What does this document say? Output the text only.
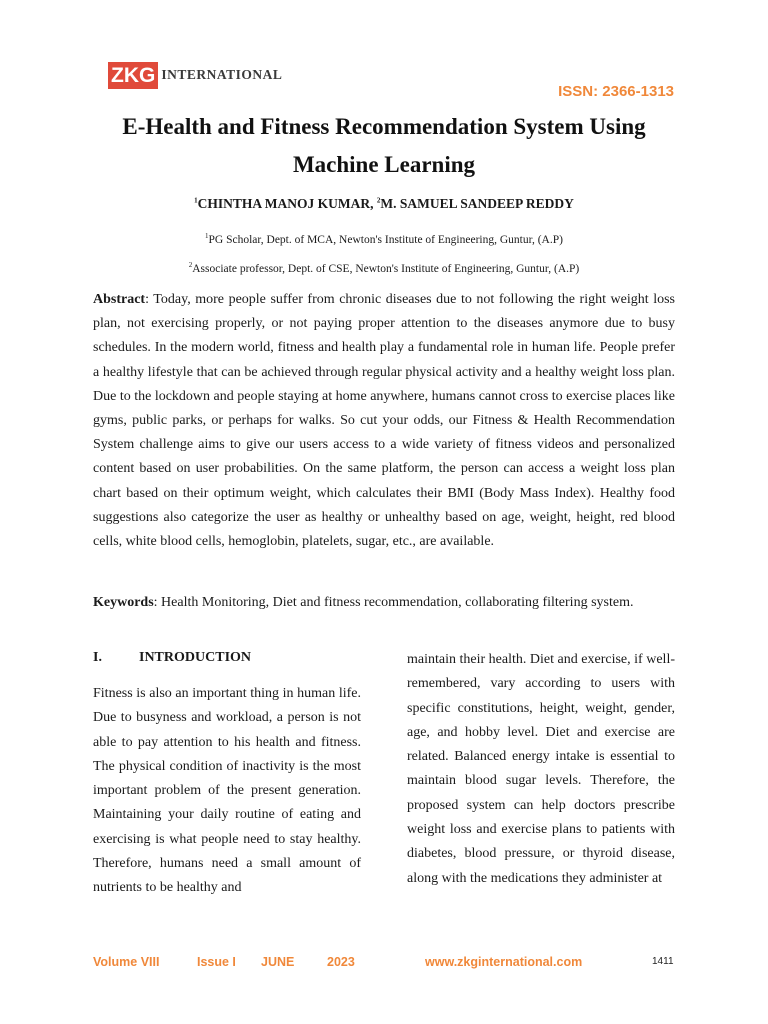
ZKG INTERNATIONAL
ISSN: 2366-1313
E-Health and Fitness Recommendation System Using
Machine Learning
$^1$CHINTHA MANOJ KUMAR, $^2$M. SAMUEL SANDEEP REDDY
$^1$PG Scholar, Dept. of MCA, Newton's Institute of Engineering, Guntur, (A.P)
$^2$Associate professor, Dept. of CSE, Newton's Institute of Engineering, Guntur, (A.P)
Abstract: Today, more people suffer from chronic diseases due to not following the right weight loss plan, not exercising properly, or not paying proper attention to the diseases anymore due to busy schedules. In the modern world, fitness and health play a fundamental role in human life. People prefer a healthy lifestyle that can be achieved through regular physical activity and a healthy weight loss plan. Due to the lockdown and people staying at home anywhere, humans cannot cross to exercise places like gyms, public parks, or perhaps for walks. So cut your odds, our Fitness & Health Recommendation System challenge aims to give our users access to a wide variety of fitness videos and personalized content based on user probabilities. On the same platform, the person can access a weight loss plan chart based on their optimum weight, which calculates their BMI (Body Mass Index). Healthy food suggestions also categorize the user as healthy or unhealthy based on age, weight, height, red blood cells, white blood cells, hemoglobin, platelets, sugar, etc., are available.
Keywords: Health Monitoring, Diet and fitness recommendation, collaborating filtering system.
I.	INTRODUCTION
Fitness is also an important thing in human life. Due to busyness and workload, a person is not able to pay attention to his health and fitness. The physical condition of inactivity is the most important problem of the present generation. Maintaining your daily routine of eating and exercising is what people need to stay healthy. Therefore, humans need a small amount of nutrients to be healthy and
maintain their health. Diet and exercise, if well-remembered, vary according to users with specific constitutions, height, weight, gender, age, and hobby level. Diet and exercise are related. Balanced energy intake is essential to maintain blood sugar levels. Therefore, the proposed system can help doctors prescribe weight loss and exercise plans to patients with diabetes, blood pressure, or thyroid disease, along with the medications they administer at
Volume VIII	Issue I JUNE	2023	www.zkginternational.com	1411
